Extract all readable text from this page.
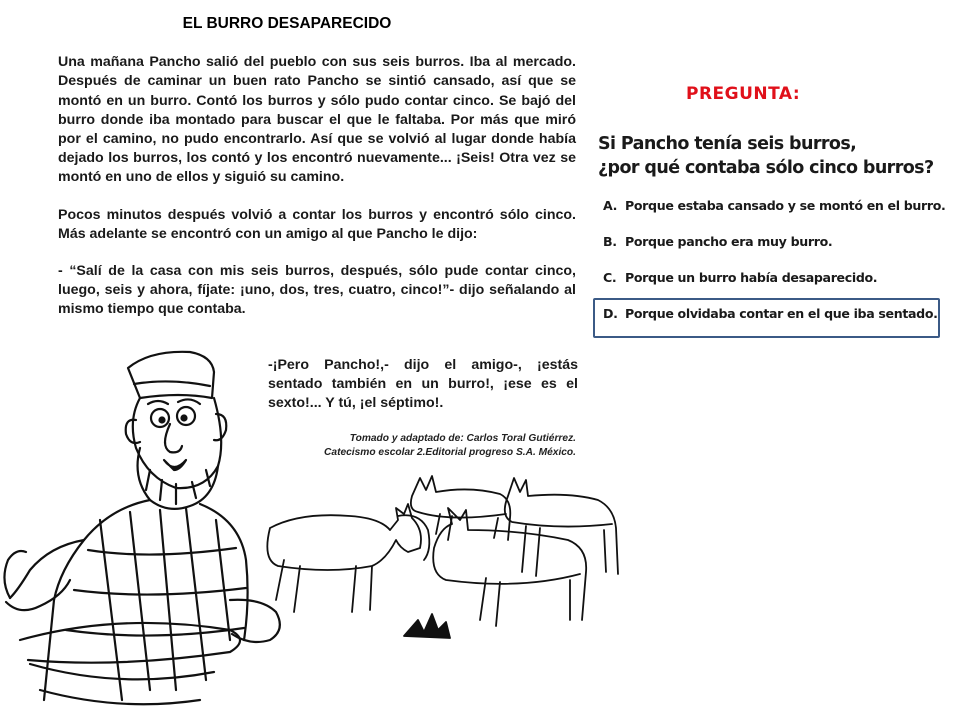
EL BURRO DESAPARECIDO

Una mañana Pancho salió del pueblo con sus seis burros. Iba al mercado. Después de caminar un buen rato Pancho se sintió cansado, así que se montó en un burro. Contó los burros y sólo pudo contar cinco. Se bajó del burro donde iba montado para buscar el que le faltaba. Por más que miró por el camino, no pudo encontrarlo. Así que se volvió al lugar donde había dejado los burros, los contó y los encontró nuevamente... ¡Seis! Otra vez se montó en uno de ellos y siguió su camino.

Pocos minutos después volvió a contar los burros y encontró sólo cinco. Más adelante se encontró con un amigo al que Pancho le dijo:

- “Salí de la casa con mis seis burros, después, sólo pude contar cinco, luego, seis y ahora, fíjate: ¡uno, dos, tres, cuatro, cinco!”- dijo señalando al mismo tiempo que contaba.

-¡Pero Pancho!,- dijo el amigo-, ¡estás sentado también en un burro!, ¡ese es el sexto!... Y tú, ¡el séptimo!.
Tomado y adaptado de: Carlos Toral Gutiérrez.
Catecismo escolar 2.Editorial progreso S.A. México.
PREGUNTA:
Si Pancho tenía seis burros,
¿por qué contaba sólo cinco burros?
A. Porque estaba cansado y se montó en el burro.
B. Porque pancho era muy burro.
C. Porque un burro había desaparecido.
D. Porque olvidaba contar en el que iba sentado.
